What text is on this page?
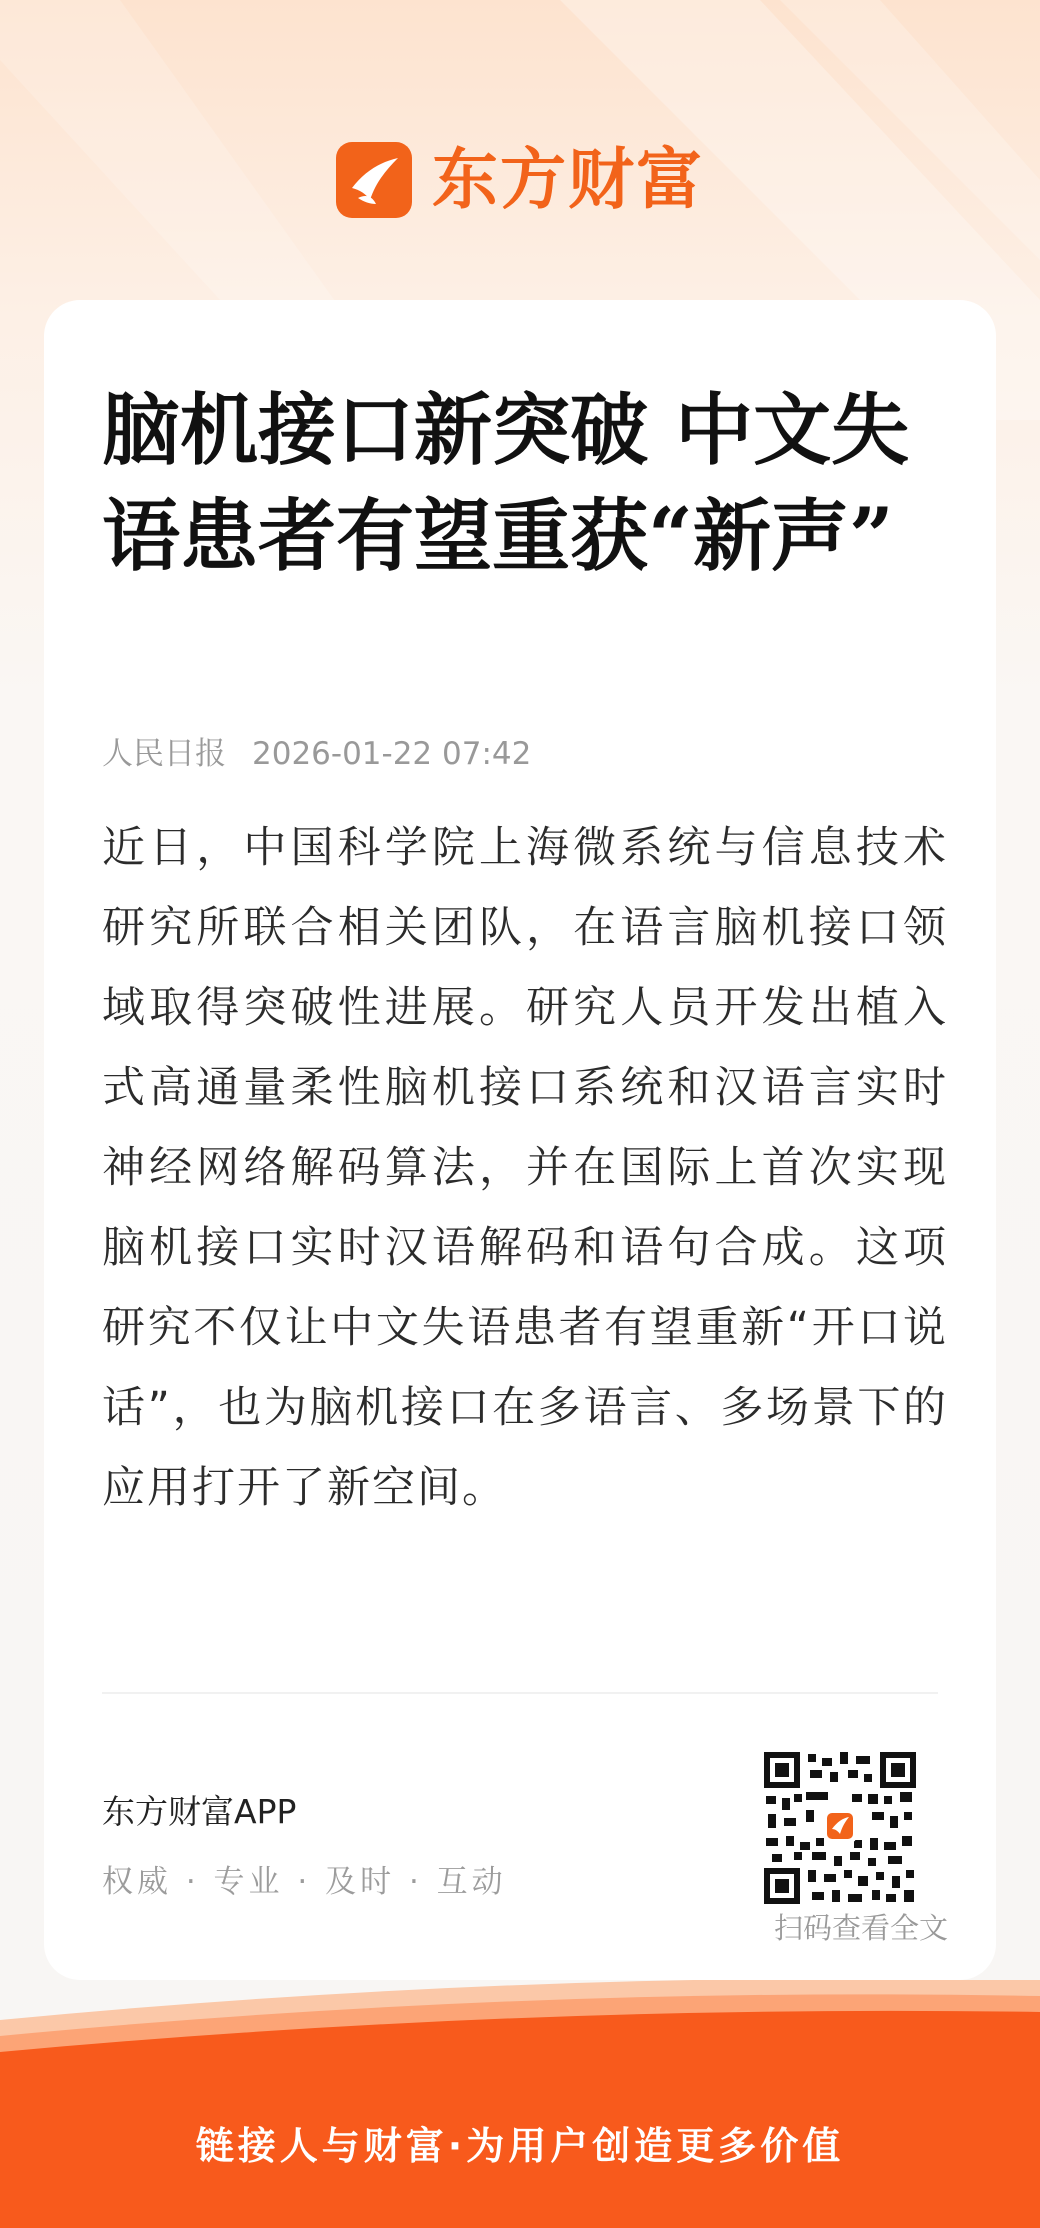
东方财富
脑机接口新突破 中文失语患者有望重获“新声”
人民日报 2026-01-22 07:42

近日，中国科学院上海微系统与信息技术研究所联合相关团队，在语言脑机接口领域取得突破性进展。研究人员开发出植入式高通量柔性脑机接口系统和汉语言实时神经网络解码算法，并在国际上首次实现脑机接口实时汉语解码和语句合成。这项研究不仅让中文失语患者有望重新“开口说话”，也为脑机接口在多语言、多场景下的应用打开了新空间。

东方财富APP
权威 · 专业 · 及时 · 互动
扫码查看全文
链接人与财富·为用户创造更多价值
